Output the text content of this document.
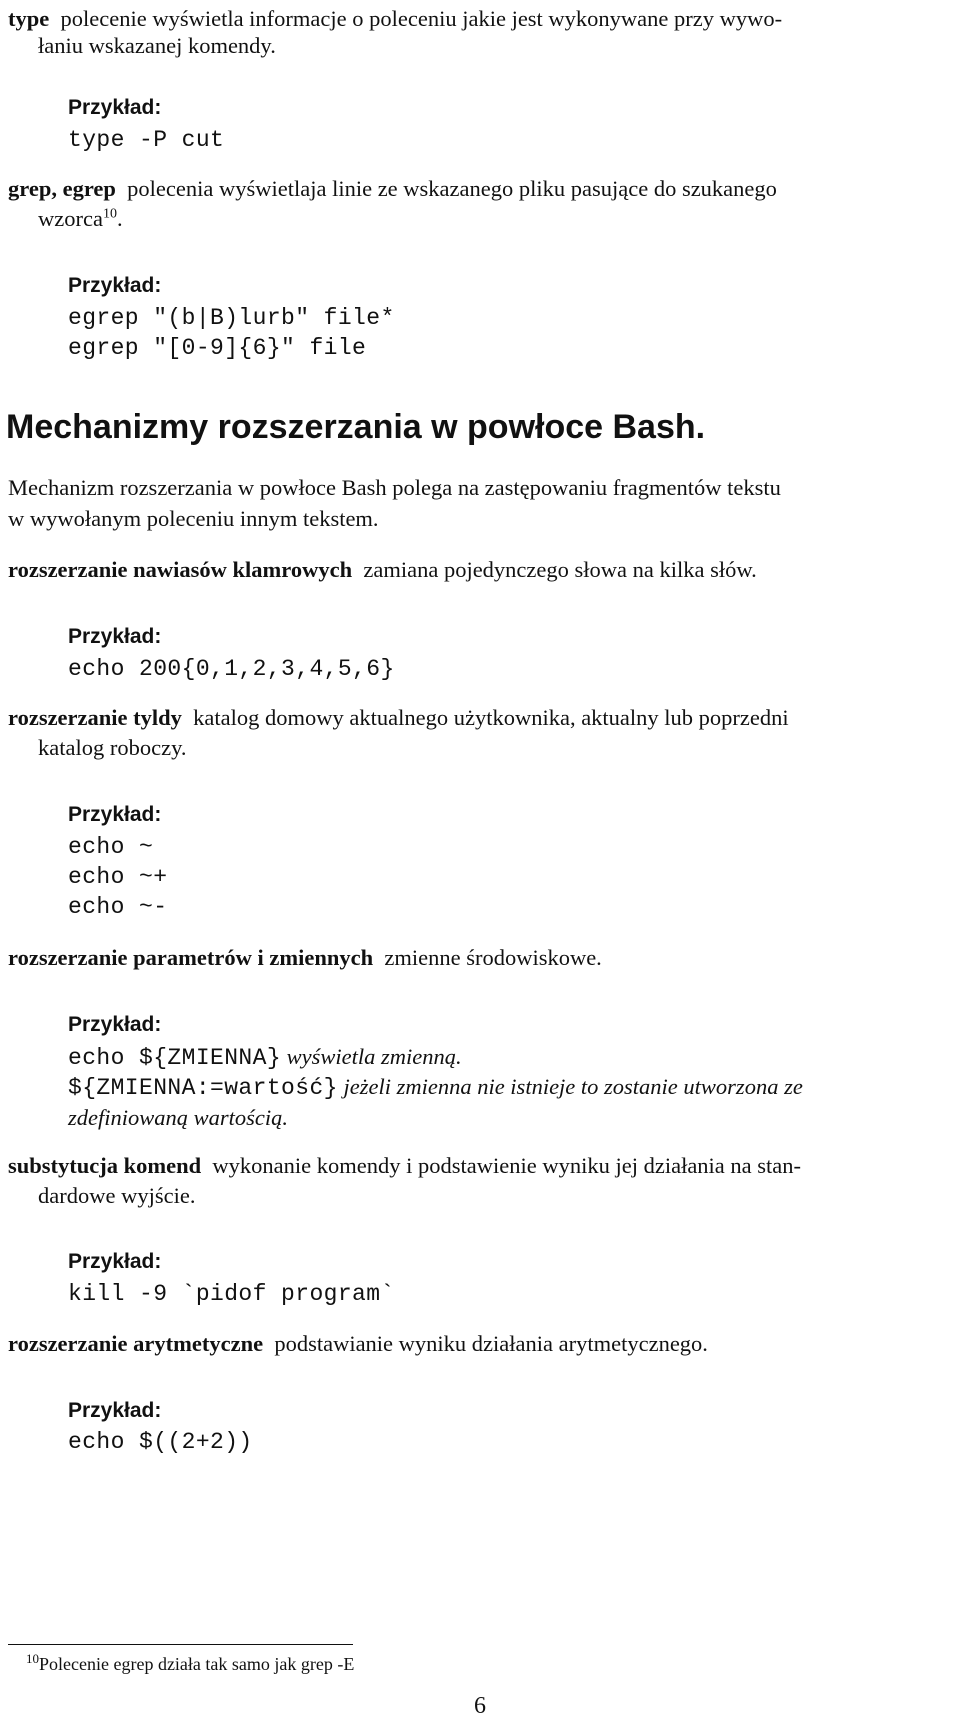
type polecenie wyświetla informacje o poleceniu jakie jest wykonywane przy wywo-
łaniu wskazanej komendy.
Przykład:
type -P cut
grep, egrep polecenia wyświetlaja linie ze wskazanego pliku pasujące do szukanego
wzorca$^{10}$.
Przykład:
egrep ″(b|B)lurb″ file*
egrep ″[0-9]{6}″ file
Mechanizmy rozszerzania w powłoce Bash.
Mechanizm rozszerzania w powłoce Bash polega na zastępowaniu fragmentów tekstu
w wywołanym poleceniu innym tekstem.
rozszerzanie nawiasów klamrowych zamiana pojedynczego słowa na kilka słów.
Przykład:
echo 200{0,1,2,3,4,5,6}
rozszerzanie tyldy katalog domowy aktualnego użytkownika, aktualny lub poprzedni
katalog roboczy.
Przykład:
echo ~
echo ~+
echo ~-
rozszerzanie parametrów i zmiennych zmienne środowiskowe.
Przykład:
echo ${ZMIENNA} wyświetla zmienną.
${ZMIENNA:=wartość} jeżeli zmienna nie istnieje to zostanie utworzona ze
zdefiniowaną wartością.
substytucja komend wykonanie komendy i podstawienie wyniku jej działania na stan-
dardowe wyjście.
Przykład:
kill -9 `pidof program`
rozszerzanie arytmetyczne podstawianie wyniku działania arytmetycznego.
Przykład:
echo $((2+2))
$^{10}$Polecenie egrep działa tak samo jak grep -E
6
